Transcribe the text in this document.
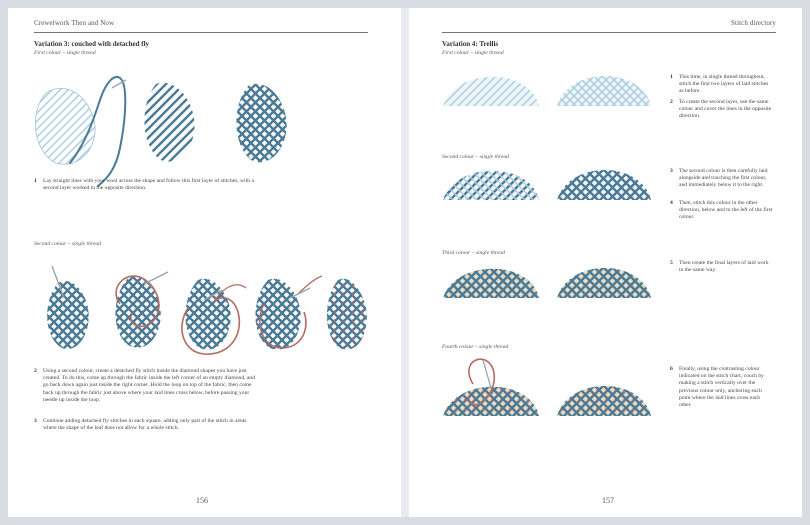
Crewelwork Then and Now
Variation 3: couched with detached fly
First colour – single thread
1	Lay straight lines with your wool across the shape and follow this first layer of stitches, with a second layer worked in the opposite direction.
Second colour – single thread
2	Using a second colour, create a detached fly stitch inside the diamond shapes you have just created. To do this, come up through the fabric inside the left corner of an empty diamond, and go back down again just inside the right corner. Hold the loop on top of the fabric, then come back up through the fabric just above where your laid lines cross below, before passing your needle up inside the loop.
3	Continue adding detached fly stitches in each square, adding only part of the stitch in areas where the shape of the leaf does not allow for a whole stitch.
156
Stitch directory
Variation 4: Trellis
First colour – single thread
Second colour – single thread
Third colour – single thread
Fourth colour – single thread
1	This time, in single thread throughout, stitch the first two layers of laid stitches as before.
2	To create the second layer, use the same colour and cover the lines in the opposite direction.
3	The second colour is then carefully laid alongside and touching the first colour, and immediately below it to the right.
4	Then, stitch this colour in the other direction, below and to the left of the first colour.
5	Then create the final layers of laid work in the same way.
6	Finally, using the contrasting colour indicated on the stitch chart, couch by making a stitch vertically over the previous colour only, anchoring each point where the laid lines cross each other.
157
